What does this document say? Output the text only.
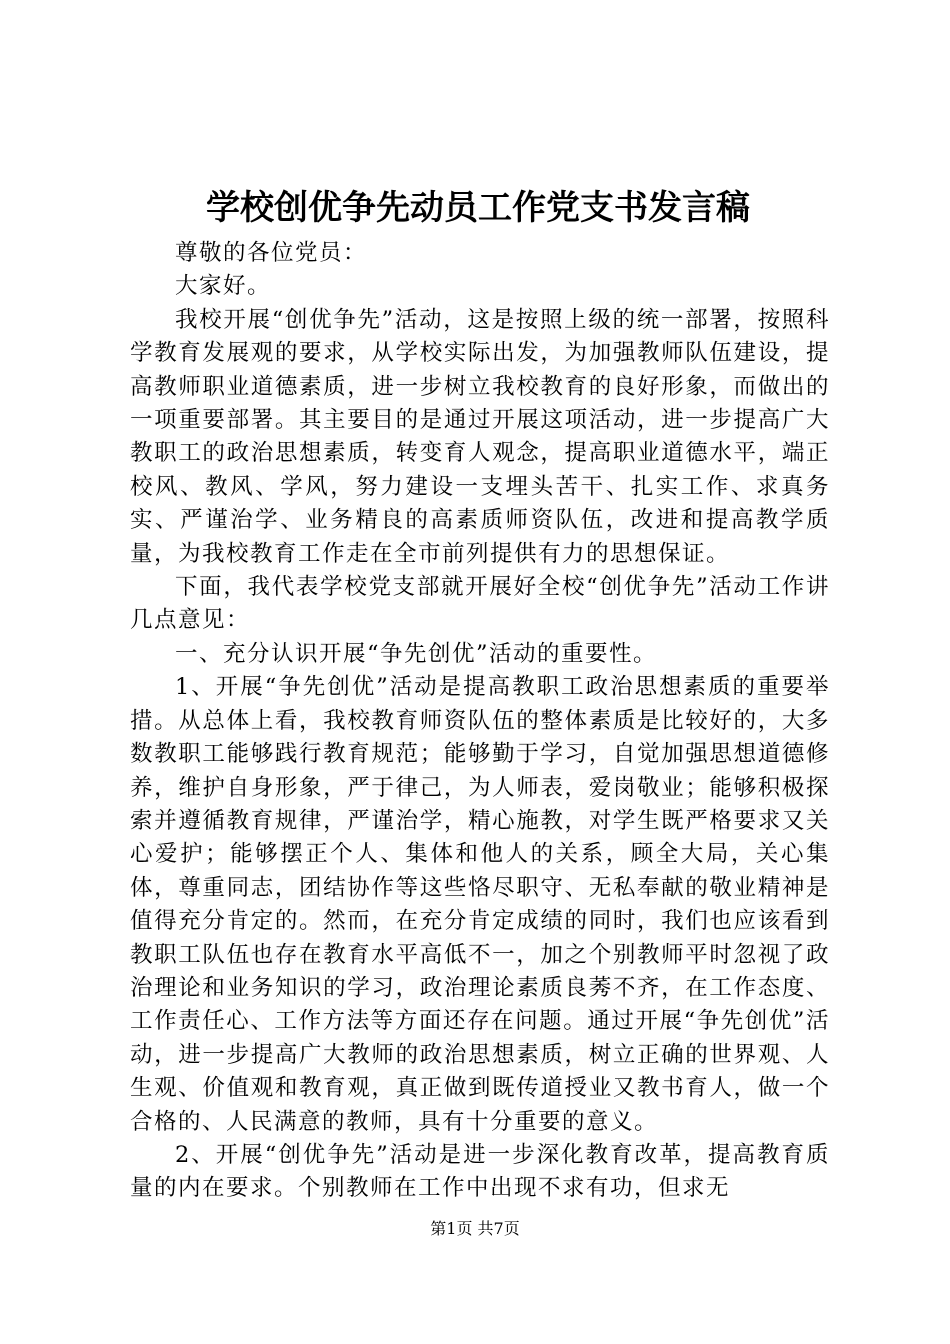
学校创优争先动员工作党支书发言稿

尊敬的各位党员：

大家好。

我校开展“创优争先”活动，这是按照上级的统一部署，按照科学教育发展观的要求，从学校实际出发，为加强教师队伍建设，提高教师职业道德素质，进一步树立我校教育的良好形象，而做出的一项重要部署。其主要目的是通过开展这项活动，进一步提高广大教职工的政治思想素质，转变育人观念，提高职业道德水平，端正校风、教风、学风，努力建设一支埋头苦干、扎实工作、求真务实、严谨治学、业务精良的高素质师资队伍，改进和提高教学质量，为我校教育工作走在全市前列提供有力的思想保证。

下面，我代表学校党支部就开展好全校“创优争先”活动工作讲几点意见：

一、充分认识开展“争先创优”活动的重要性。

1、开展“争先创优”活动是提高教职工政治思想素质的重要举措。从总体上看，我校教育师资队伍的整体素质是比较好的，大多数教职工能够践行教育规范；能够勤于学习，自觉加强思想道德修养，维护自身形象，严于律己，为人师表，爱岗敬业；能够积极探索并遵循教育规律，严谨治学，精心施教，对学生既严格要求又关心爱护；能够摆正个人、集体和他人的关系，顾全大局，关心集体，尊重同志，团结协作等这些恪尽职守、无私奉献的敬业精神是值得充分肯定的。然而，在充分肯定成绩的同时，我们也应该看到教职工队伍也存在教育水平高低不一，加之个别教师平时忽视了政治理论和业务知识的学习，政治理论素质良莠不齐，在工作态度、工作责任心、工作方法等方面还存在问题。通过开展“争先创优”活动，进一步提高广大教师的政治思想素质，树立正确的世界观、人生观、价值观和教育观，真正做到既传道授业又教书育人，做一个合格的、人民满意的教师，具有十分重要的意义。

2、开展“创优争先”活动是进一步深化教育改革，提高教育质量的内在要求。个别教师在工作中出现不求有功，但求无

第1页 共7页
